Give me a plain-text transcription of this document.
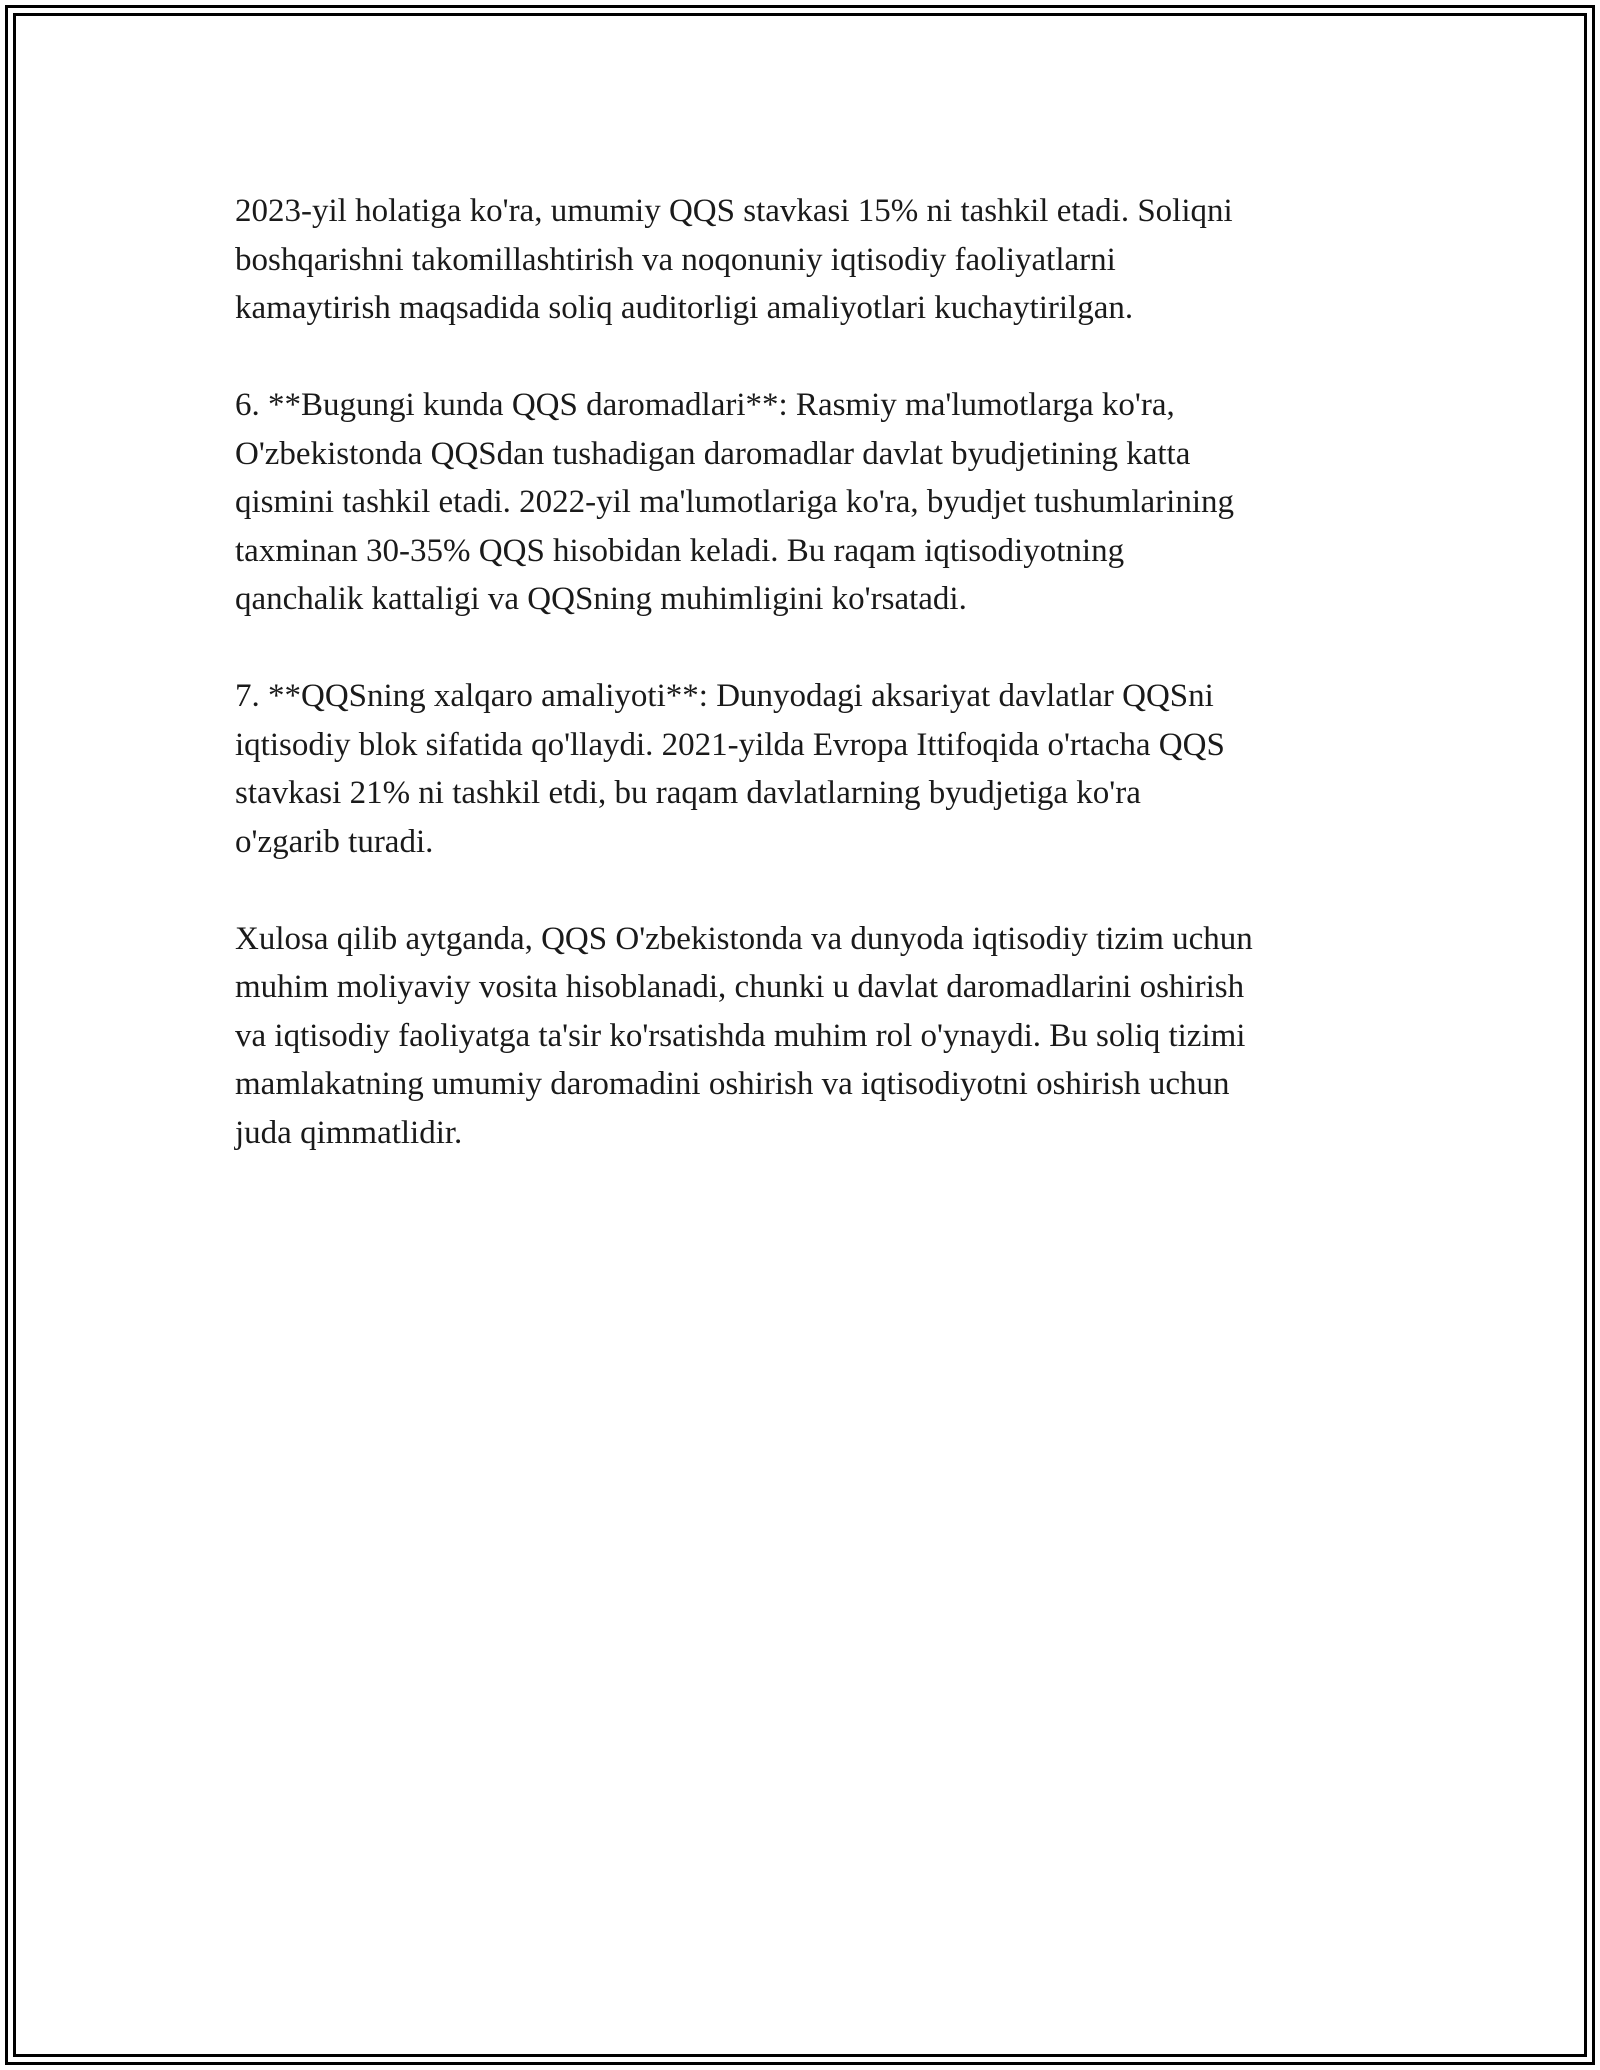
2023-yil holatiga ko'ra, umumiy QQS stavkasi 15% ni tashkil etadi. Soliqni
boshqarishni takomillashtirish va noqonuniy iqtisodiy faoliyatlarni
kamaytirish maqsadida soliq auditorligi amaliyotlari kuchaytirilgan.

6. **Bugungi kunda QQS daromadlari**: Rasmiy ma'lumotlarga ko'ra,
O'zbekistonda QQSdan tushadigan daromadlar davlat byudjetining katta
qismini tashkil etadi. 2022-yil ma'lumotlariga ko'ra, byudjet tushumlarining
taxminan 30-35% QQS hisobidan keladi. Bu raqam iqtisodiyotning
qanchalik kattaligi va QQSning muhimligini ko'rsatadi.

7. **QQSning xalqaro amaliyoti**: Dunyodagi aksariyat davlatlar QQSni
iqtisodiy blok sifatida qo'llaydi. 2021-yilda Evropa Ittifoqida o'rtacha QQS
stavkasi 21% ni tashkil etdi, bu raqam davlatlarning byudjetiga ko'ra
o'zgarib turadi.

Xulosa qilib aytganda, QQS O'zbekistonda va dunyoda iqtisodiy tizim uchun
muhim moliyaviy vosita hisoblanadi, chunki u davlat daromadlarini oshirish
va iqtisodiy faoliyatga ta'sir ko'rsatishda muhim rol o'ynaydi. Bu soliq tizimi
mamlakatning umumiy daromadini oshirish va iqtisodiyotni oshirish uchun
juda qimmatlidir.
